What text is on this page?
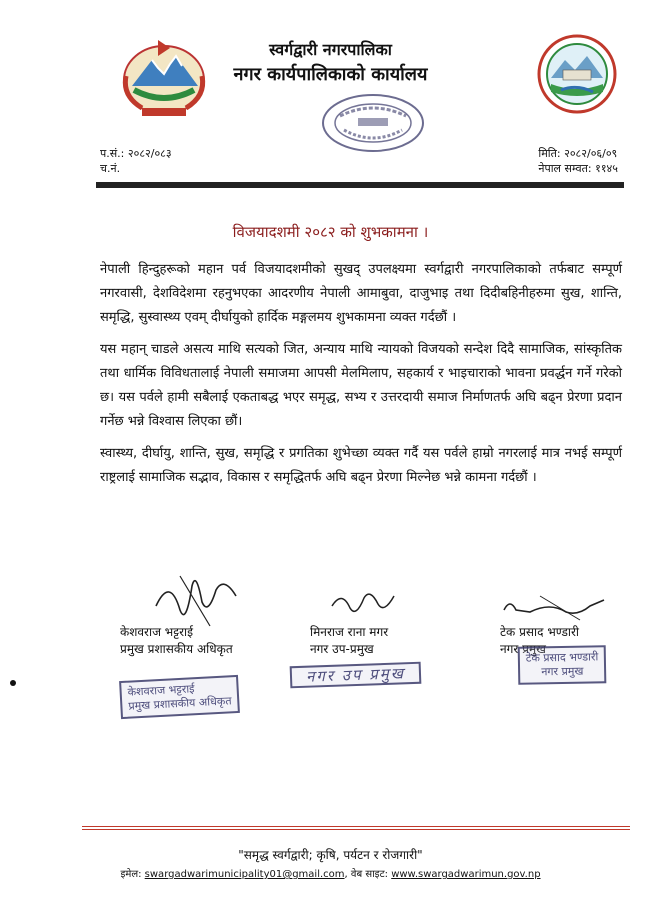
स्वर्गद्वारी नगरपालिका
नगर कार्यपालिकाको कार्यालय
प.सं.: २०८२/०८३
च.नं.
मिति: २०८२/०६/०९
नेपाल सम्वत: ११४५
विजयादशमी २०८२ को शुभकामना ।

नेपाली हिन्दुहरूको महान पर्व विजयादशमीको सुखद् उपलक्ष्यमा स्वर्गद्वारी नगरपालिकाको तर्फबाट सम्पूर्ण नगरवासी, देशविदेशमा रहनुभएका आदरणीय नेपाली आमाबुवा, दाजुभाइ तथा दिदीबहिनीहरुमा सुख, शान्ति, समृद्धि, सुस्वास्थ्य एवम् दीर्घायुको हार्दिक मङ्गलमय शुभकामना व्यक्त गर्दछौं ।

यस महान् चाडले असत्य माथि सत्यको जित, अन्याय माथि न्यायको विजयको सन्देश दिदै सामाजिक, सांस्कृतिक तथा धार्मिक विविधतालाई नेपाली समाजमा आपसी मेलमिलाप, सहकार्य र भाइचाराको भावना प्रवर्द्धन गर्ने गरेको छ। यस पर्वले हामी सबैलाई एकताबद्ध भएर समृद्ध, सभ्य र उत्तरदायी समाज निर्माणतर्फ अघि बढ्न प्रेरणा प्रदान गर्नेछ भन्ने विश्वास लिएका छौं।

स्वास्थ्य, दीर्घायु, शान्ति, सुख, समृद्धि र प्रगतिका शुभेच्छा व्यक्त गर्दै यस पर्वले हाम्रो नगरलाई मात्र नभई सम्पूर्ण राष्ट्रलाई सामाजिक सद्भाव, विकास र समृद्धितर्फ अघि बढ्न प्रेरणा मिल्नेछ भन्ने कामना गर्दछौं ।

केशवराज भट्टराई
प्रमुख प्रशासकीय अधिकृत
मिनराज राना मगर
नगर उप-प्रमुख
टेक प्रसाद भण्डारी
नगर प्रमुख
केशवराज भट्टराई
प्रमुख प्रशासकीय अधिकृत
नगर उप प्रमुख
टेक प्रसाद भण्डारी
नगर प्रमुख
"समृद्ध स्वर्गद्वारी; कृषि, पर्यटन र रोजगारी"
इमेल: swargadwarimunicipality01@gmail.com, वेब साइट: www.swargadwarimun.gov.np
